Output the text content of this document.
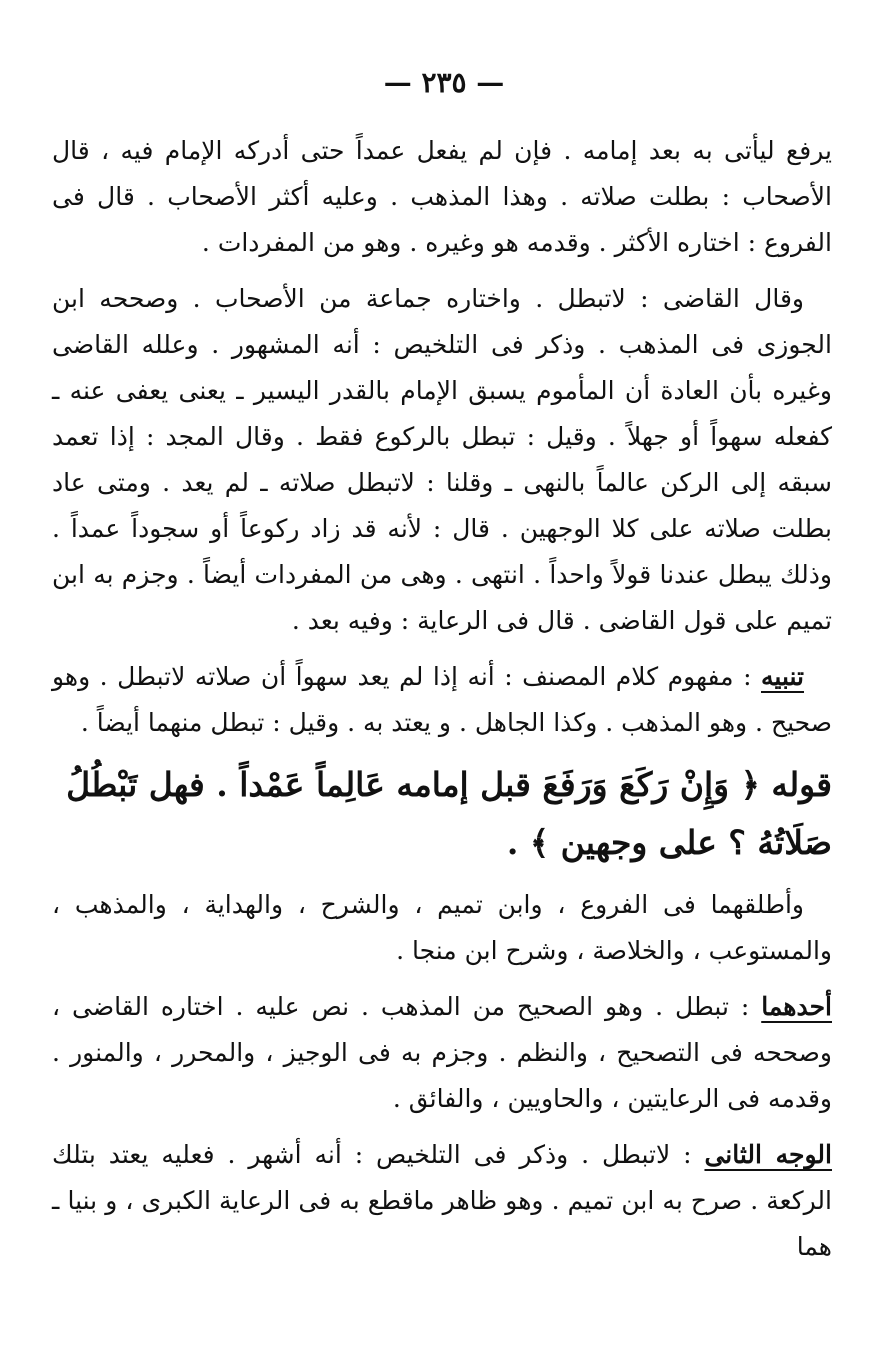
— ٢٣٥ —

يرفع ليأتى به بعد إمامه . فإن لم يفعل عمداً حتى أدركه الإمام فيه ، قال الأصحاب : بطلت صلاته . وهذا المذهب . وعليه أكثر الأصحاب . قال فى الفروع : اختاره الأكثر . وقدمه هو وغيره . وهو من المفردات .

وقال القاضى : لاتبطل . واختاره جماعة من الأصحاب . وصححه ابن الجوزى فى المذهب . وذكر فى التلخيص : أنه المشهور . وعلله القاضى وغيره بأن العادة أن المأموم يسبق الإمام بالقدر اليسير ـ يعنى يعفى عنه ـ كفعله سهواً أو جهلاً . وقيل : تبطل بالركوع فقط . وقال المجد : إذا تعمد سبقه إلى الركن عالماً بالنهى ـ وقلنا : لاتبطل صلاته ـ لم يعد . ومتى عاد بطلت صلاته على كلا الوجهين . قال : لأنه قد زاد ركوعاً أو سجوداً عمداً . وذلك يبطل عندنا قولاً واحداً . انتهى . وهى من المفردات أيضاً . وجزم به ابن تميم على قول القاضى . قال فى الرعاية : وفيه بعد .

تنبيه : مفهوم كلام المصنف : أنه إذا لم يعد سهواً أن صلاته لاتبطل . وهو صحيح . وهو المذهب . وكذا الجاهل . و يعتد به . وقيل : تبطل منهما أيضاً .

قوله ﴿ وَإِنْ رَكَعَ وَرَفَعَ قبل إمامه عَالِماً عَمْداً . فهل تَبْطُلُ صَلَاتُهُ ؟ على وجهين ﴾ .

وأطلقهما فى الفروع ، وابن تميم ، والشرح ، والهداية ، والمذهب ، والمستوعب ، والخلاصة ، وشرح ابن منجا .

أحدهما : تبطل . وهو الصحيح من المذهب . نص عليه . اختاره القاضى ، وصححه فى التصحيح ، والنظم . وجزم به فى الوجيز ، والمحرر ، والمنور . وقدمه فى الرعايتين ، والحاويين ، والفائق .

الوجه الثانى : لاتبطل . وذكر فى التلخيص : أنه أشهر . فعليه يعتد بتلك الركعة . صرح به ابن تميم . وهو ظاهر ماقطع به فى الرعاية الكبرى ، و بنيا ـ هما
